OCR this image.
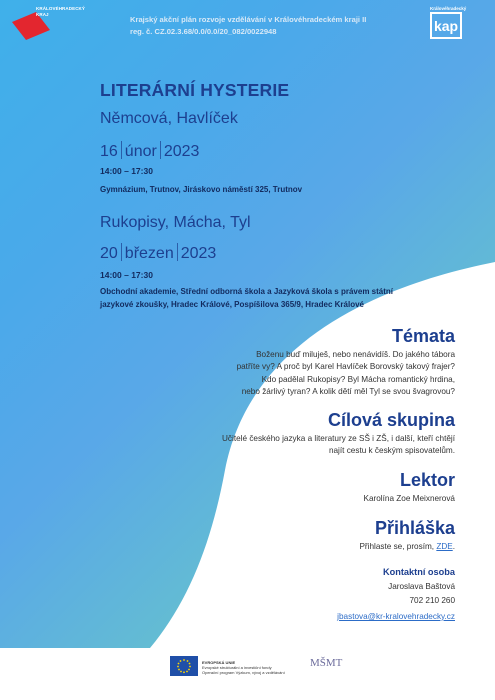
KRÁLOVÉHRADECKÝ KRAJ
Krajský akční plán rozvoje vzdělávání v Královéhradeckém kraji II
reg. č. CZ.02.3.68/0.0/0.0/20_082/0022948
Královéhradecký
kap
LITERÁRNÍ HYSTERIE
Němcová, Havlíček
16 únor 2023
14:00 – 17:30
Gymnázium, Trutnov, Jiráskovo náměstí 325, Trutnov
Rukopisy, Mácha, Tyl
20 březen 2023
14:00 – 17:30
Obchodní akademie, Střední odborná škola a Jazyková škola s právem státní
jazykové zkoušky, Hradec Králové, Pospíšilova 365/9, Hradec Králové
Témata
Boženu buď miluješ, nebo nenávidíš. Do jakého tábora
patříte vy? A proč byl Karel Havlíček Borovský takový frajer?
Kdo padělal Rukopisy? Byl Mácha romantický hrdina,
nebo žárlivý tyran? A kolik dětí měl Tyl se svou švagrovou?
Cílová skupina
Učitelé českého jazyka a literatury ze SŠ i ZŠ, i další, kteří chtějí
najít cestu k českým spisovatelům.
Lektor
Karolína Zoe Meixnerová
Přihláška
Přihlaste se, prosím, ZDE.
Kontaktní osoba
Jaroslava Baštová
702 210 260
jbastova@kr-kralovehradecky.cz
EVROPSKÁ UNIE
Evropské strukturální a investiční fondy
Operační program Výzkum, vývoj a vzdělávání
MŠMT
